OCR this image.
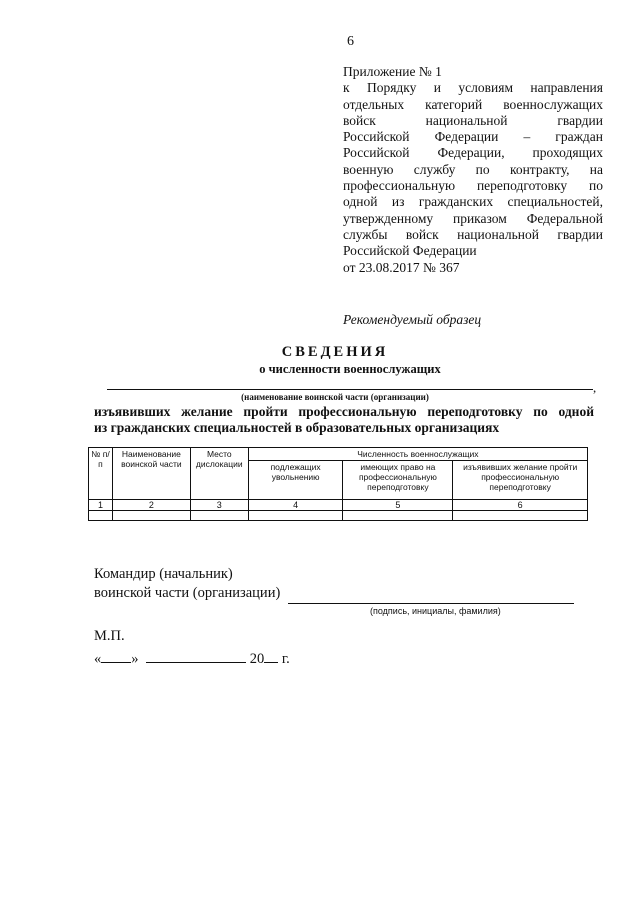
6
Приложение № 1
к Порядку и условиям направления
отдельных категорий военнослужащих
войск национальной гвардии
Российской Федерации – граждан
Российской Федерации, проходящих
военную службу по контракту, на
профессиональную переподготовку по
одной из гражданских специальностей,
утвержденному приказом Федеральной
службы войск национальной гвардии
Российской Федерации
от 23.08.2017 № 367
Рекомендуемый образец
СВЕДЕНИЯ
о численности военнослужащих
,
(наименование воинской части (организации)
изъявивших желание пройти профессиональную переподготовку по одной
из гражданских специальностей в образовательных организациях
№ п/п	Наименование воинской части	Место дислокации	Численность военнослужащих		
			подлежащих увольнению	имеющих право на профессиональную переподготовку	изъявивших желание пройти профессиональную переподготовку
1	2	3	4	5	6

Командир (начальник)
воинской части (организации)
(подпись, инициалы, фамилия)
М.П.
« »	20 г.
